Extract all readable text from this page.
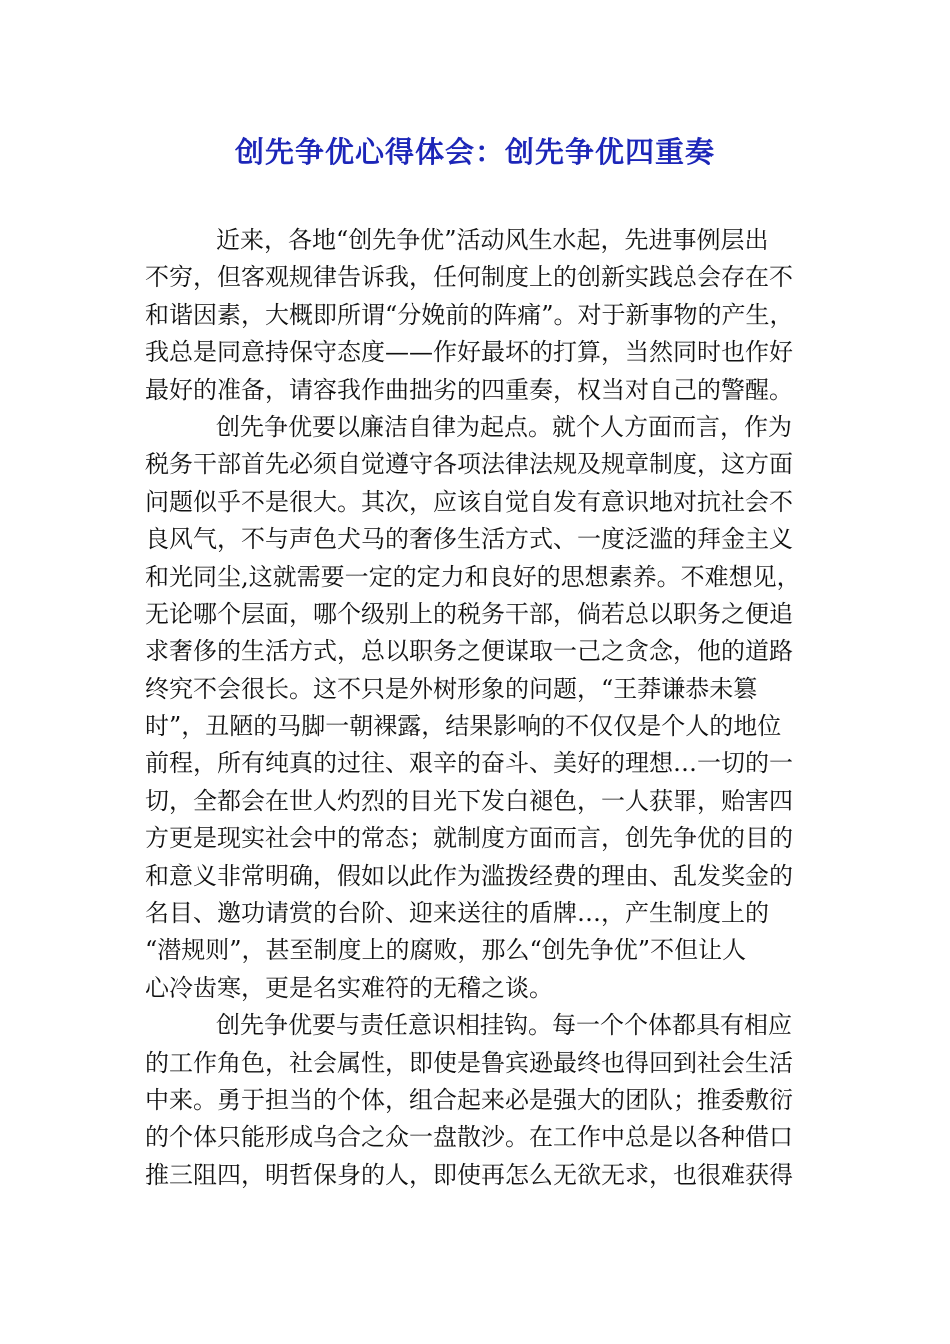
创先争优心得体会：创先争优四重奏
近来，各地“创先争优”活动风生水起，先进事例层出
不穷，但客观规律告诉我，任何制度上的创新实践总会存在不
和谐因素，大概即所谓“分娩前的阵痛”。对于新事物的产生，
我总是同意持保守态度——作好最坏的打算，当然同时也作好
最好的准备，请容我作曲拙劣的四重奏，权当对自己的警醒。
创先争优要以廉洁自律为起点。就个人方面而言，作为
税务干部首先必须自觉遵守各项法律法规及规章制度，这方面
问题似乎不是很大。其次，应该自觉自发有意识地对抗社会不
良风气，不与声色犬马的奢侈生活方式、一度泛滥的拜金主义
和光同尘,这就需要一定的定力和良好的思想素养。不难想见，
无论哪个层面，哪个级别上的税务干部，倘若总以职务之便追
求奢侈的生活方式，总以职务之便谋取一己之贪念，他的道路
终究不会很长。这不只是外树形象的问题，“王莽谦恭未篡
时”，丑陋的马脚一朝裸露，结果影响的不仅仅是个人的地位
前程，所有纯真的过往、艰辛的奋斗、美好的理想…一切的一
切，全都会在世人灼烈的目光下发白褪色，一人获罪，贻害四
方更是现实社会中的常态；就制度方面而言，创先争优的目的
和意义非常明确，假如以此作为滥拨经费的理由、乱发奖金的
名目、邀功请赏的台阶、迎来送往的盾牌…，产生制度上的
“潜规则”，甚至制度上的腐败，那么“创先争优”不但让人
心冷齿寒，更是名实难符的无稽之谈。
创先争优要与责任意识相挂钩。每一个个体都具有相应
的工作角色，社会属性，即使是鲁宾逊最终也得回到社会生活
中来。勇于担当的个体，组合起来必是强大的团队；推委敷衍
的个体只能形成乌合之众一盘散沙。在工作中总是以各种借口
推三阻四，明哲保身的人，即使再怎么无欲无求，也很难获得
